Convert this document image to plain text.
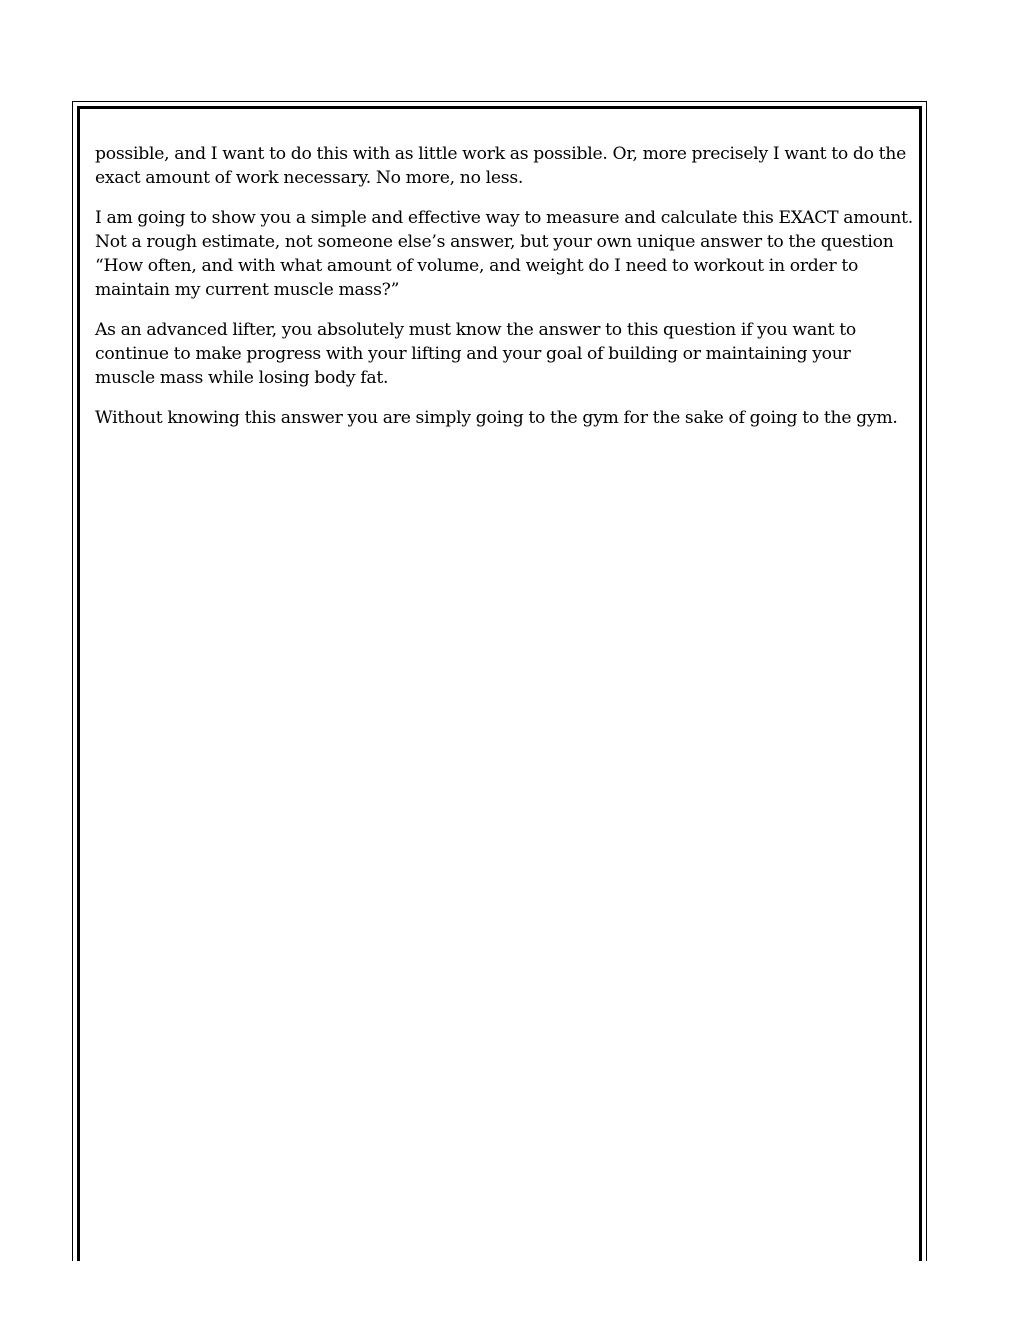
possible, and I want to do this with as little work as possible. Or, more precisely I want to do the exact amount of work necessary. No more, no less.

I am going to show you a simple and effective way to measure and calculate this EXACT amount. Not a rough estimate, not someone else’s answer, but your own unique answer to the question “How often, and with what amount of volume, and weight do I need to workout in order to maintain my current muscle mass?”

As an advanced lifter, you absolutely must know the answer to this question if you want to continue to make progress with your lifting and your goal of building or maintaining your muscle mass while losing body fat.

Without knowing this answer you are simply going to the gym for the sake of going to the gym.
